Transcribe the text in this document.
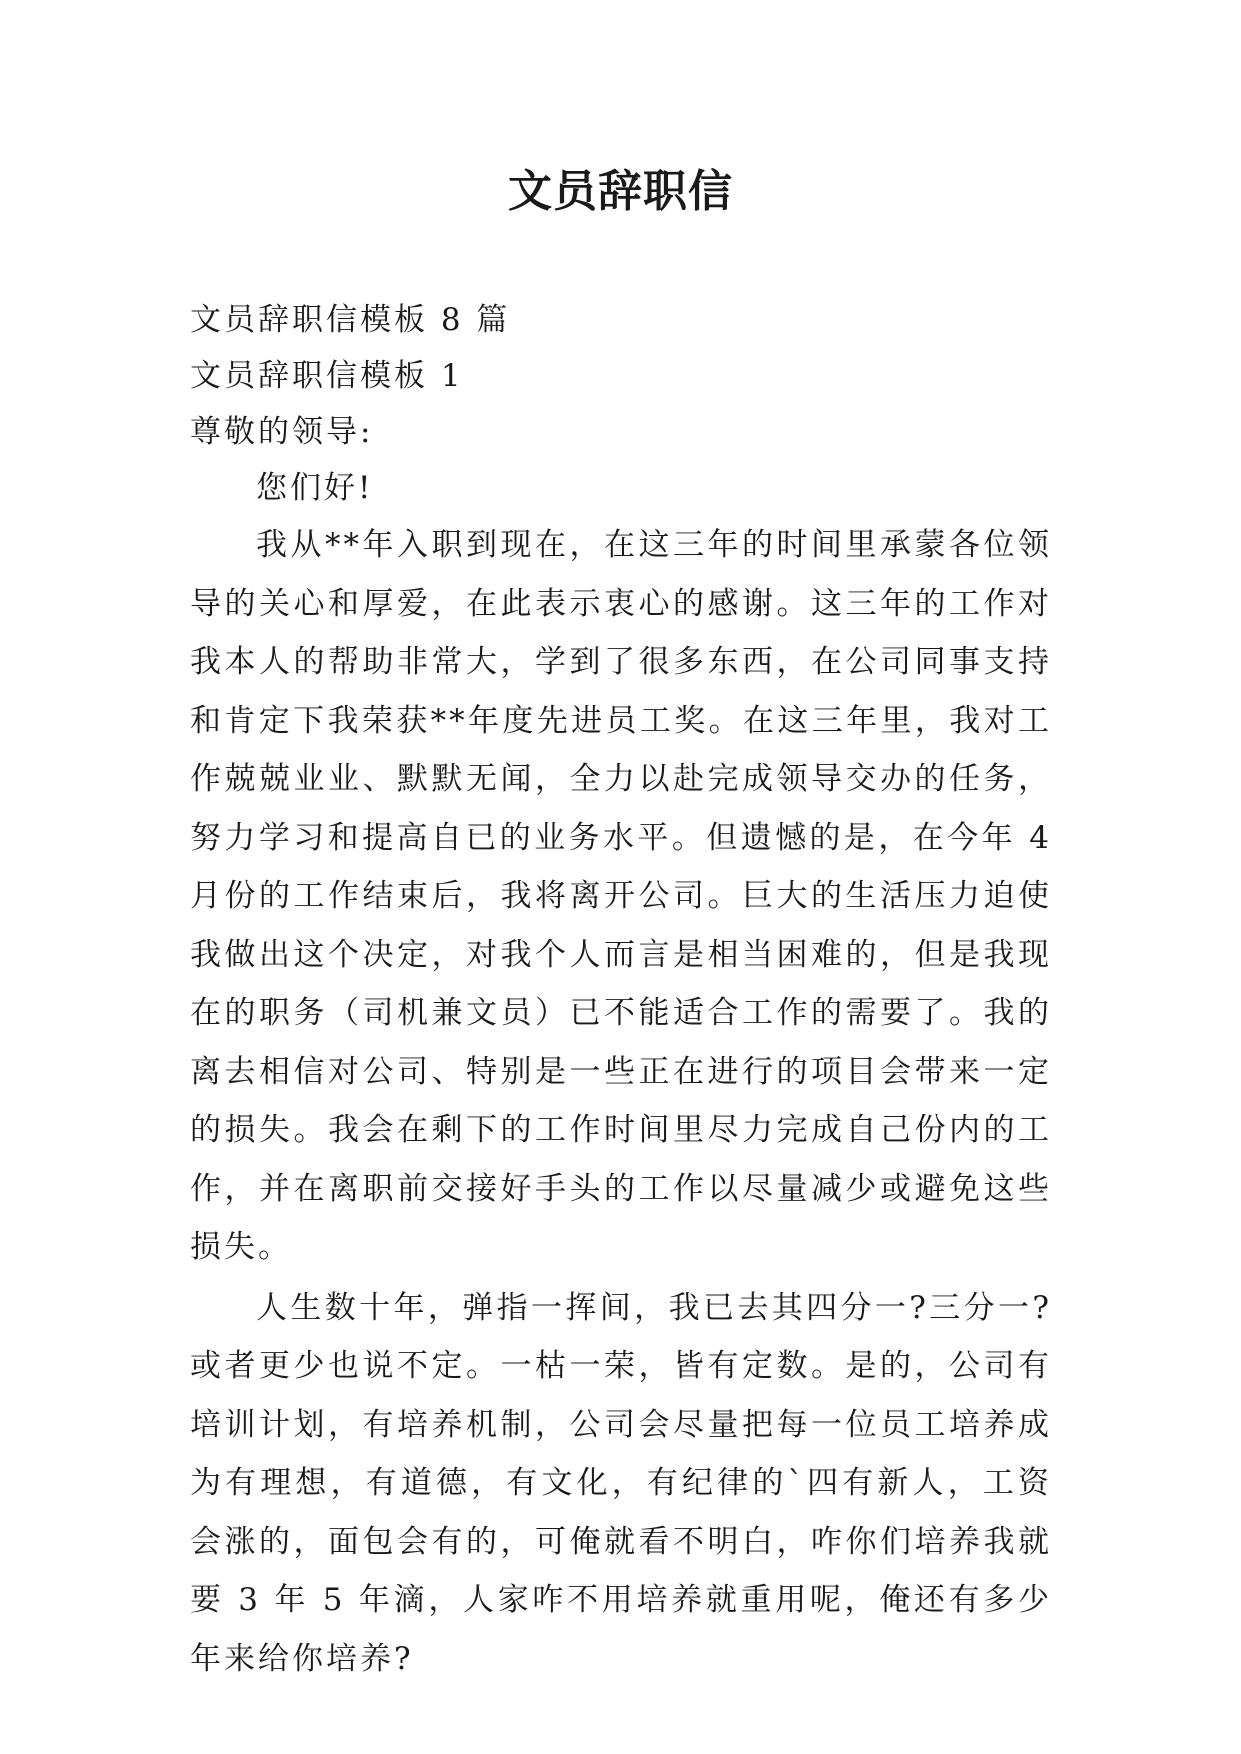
文员辞职信

文员辞职信模板 8 篇

文员辞职信模板 1

尊敬的领导:

您们好!

我从**年入职到现在，在这三年的时间里承蒙各位领导的关心和厚爱，在此表示衷心的感谢。这三年的工作对我本人的帮助非常大，学到了很多东西，在公司同事支持和肯定下我荣获**年度先进员工奖。在这三年里，我对工作兢兢业业、默默无闻，全力以赴完成领导交办的任务，努力学习和提高自已的业务水平。但遗憾的是，在今年 4 月份的工作结束后，我将离开公司。巨大的生活压力迫使我做出这个决定，对我个人而言是相当困难的，但是我现在的职务（司机兼文员）已不能适合工作的需要了。我的离去相信对公司、特别是一些正在进行的项目会带来一定的损失。我会在剩下的工作时间里尽力完成自己份内的工作，并在离职前交接好手头的工作以尽量减少或避免这些损失。

人生数十年，弹指一挥间，我已去其四分一?三分一?或者更少也说不定。一枯一荣，皆有定数。是的，公司有培训计划，有培养机制，公司会尽量把每一位员工培养成为有理想，有道德，有文化，有纪律的`四有新人，工资会涨的，面包会有的，可俺就看不明白，咋你们培养我就要 3 年 5 年滴，人家咋不用培养就重用呢，俺还有多少年来给你培养?
